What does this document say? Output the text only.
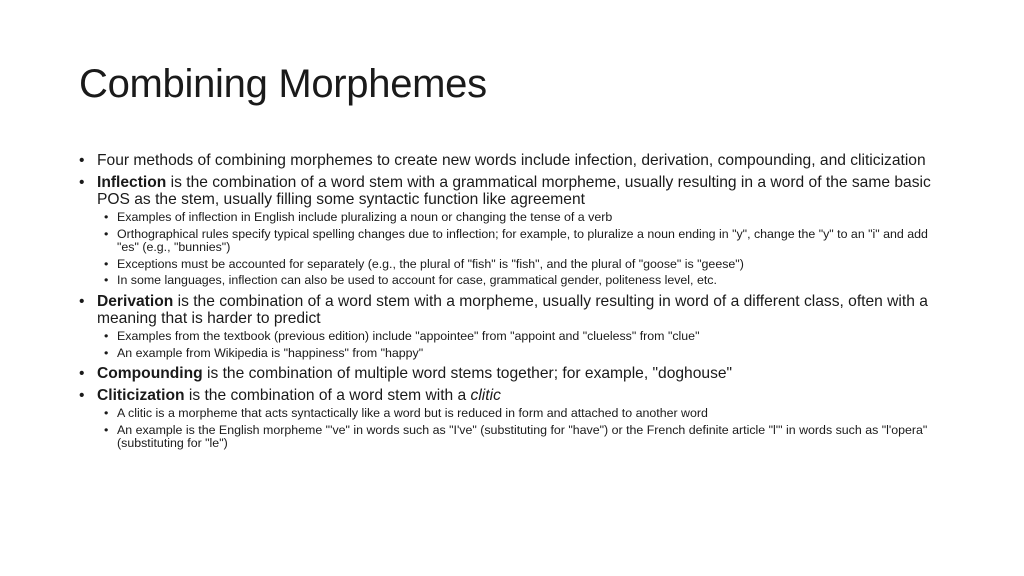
Combining Morphemes
• Four methods of combining morphemes to create new words include infection, derivation, compounding, and cliticization
• Inflection is the combination of a word stem with a grammatical morpheme, usually resulting in a word of the same basic POS as the stem, usually filling some syntactic function like agreement
• Examples of inflection in English include pluralizing a noun or changing the tense of a verb
• Orthographical rules specify typical spelling changes due to inflection; for example, to pluralize a noun ending in "y", change the "y" to an "i" and add "es" (e.g., "bunnies")
• Exceptions must be accounted for separately (e.g., the plural of "fish" is "fish", and the plural of "goose" is "geese")
• In some languages, inflection can also be used to account for case, grammatical gender, politeness level, etc.
• Derivation is the combination of a word stem with a morpheme, usually resulting in word of a different class, often with a meaning that is harder to predict
• Examples from the textbook (previous edition) include "appointee" from "appoint and "clueless" from "clue"
• An example from Wikipedia is "happiness" from "happy"
• Compounding is the combination of multiple word stems together; for example, "doghouse"
• Cliticization is the combination of a word stem with a clitic
• A clitic is a morpheme that acts syntactically like a word but is reduced in form and attached to another word
• An example is the English morpheme "'ve" in words such as "I've" (substituting for "have") or the French definite article "l'" in words such as "l'opera" (substituting for "le")
